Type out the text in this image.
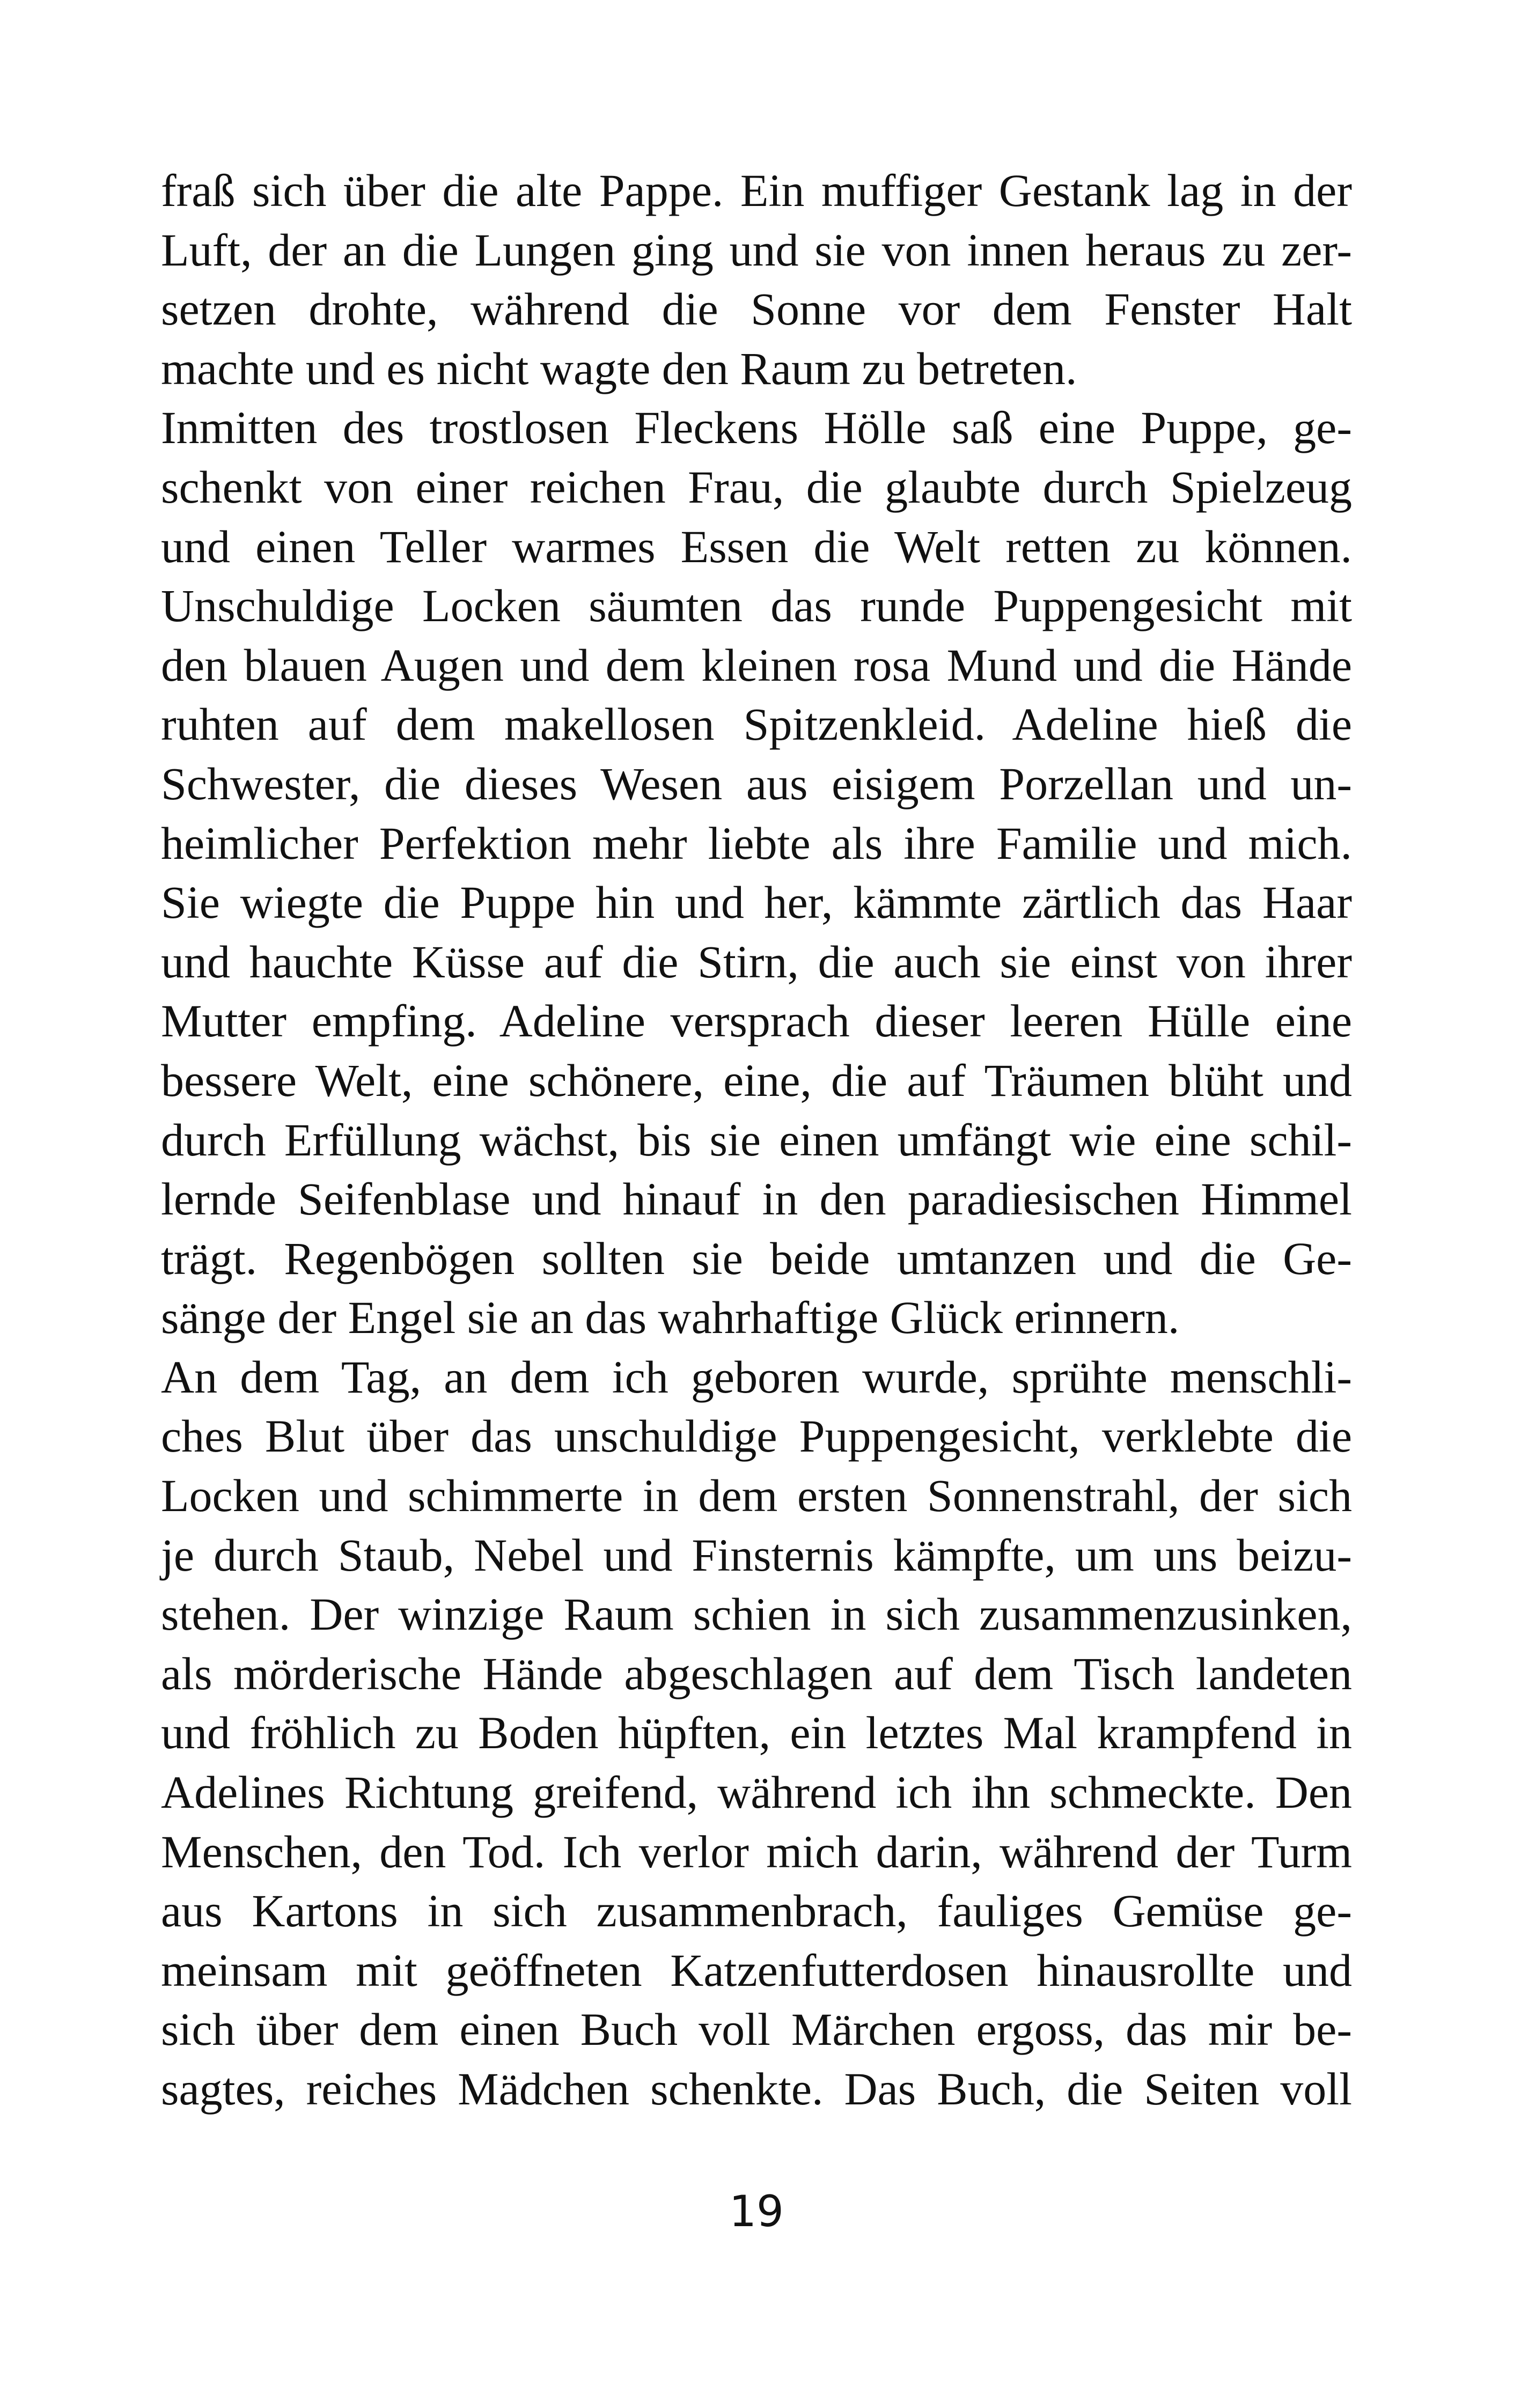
fraß sich über die alte Pappe. Ein muffiger Gestank lag in der
Luft, der an die Lungen ging und sie von innen heraus zu zer-
setzen drohte, während die Sonne vor dem Fenster Halt
machte und es nicht wagte den Raum zu betreten.
Inmitten des trostlosen Fleckens Hölle saß eine Puppe, ge-
schenkt von einer reichen Frau, die glaubte durch Spielzeug
und einen Teller warmes Essen die Welt retten zu können.
Unschuldige Locken säumten das runde Puppengesicht mit
den blauen Augen und dem kleinen rosa Mund und die Hände
ruhten auf dem makellosen Spitzenkleid. Adeline hieß die
Schwester, die dieses Wesen aus eisigem Porzellan und un-
heimlicher Perfektion mehr liebte als ihre Familie und mich.
Sie wiegte die Puppe hin und her, kämmte zärtlich das Haar
und hauchte Küsse auf die Stirn, die auch sie einst von ihrer
Mutter empfing. Adeline versprach dieser leeren Hülle eine
bessere Welt, eine schönere, eine, die auf Träumen blüht und
durch Erfüllung wächst, bis sie einen umfängt wie eine schil-
lernde Seifenblase und hinauf in den paradiesischen Himmel
trägt. Regenbögen sollten sie beide umtanzen und die Ge-
sänge der Engel sie an das wahrhaftige Glück erinnern.
An dem Tag, an dem ich geboren wurde, sprühte menschli-
ches Blut über das unschuldige Puppengesicht, verklebte die
Locken und schimmerte in dem ersten Sonnenstrahl, der sich
je durch Staub, Nebel und Finsternis kämpfte, um uns beizu-
stehen. Der winzige Raum schien in sich zusammenzusinken,
als mörderische Hände abgeschlagen auf dem Tisch landeten
und fröhlich zu Boden hüpften, ein letztes Mal krampfend in
Adelines Richtung greifend, während ich ihn schmeckte. Den
Menschen, den Tod. Ich verlor mich darin, während der Turm
aus Kartons in sich zusammenbrach, fauliges Gemüse ge-
meinsam mit geöffneten Katzenfutterdosen hinausrollte und
sich über dem einen Buch voll Märchen ergoss, das mir be-
sagtes, reiches Mädchen schenkte. Das Buch, die Seiten voll
19
